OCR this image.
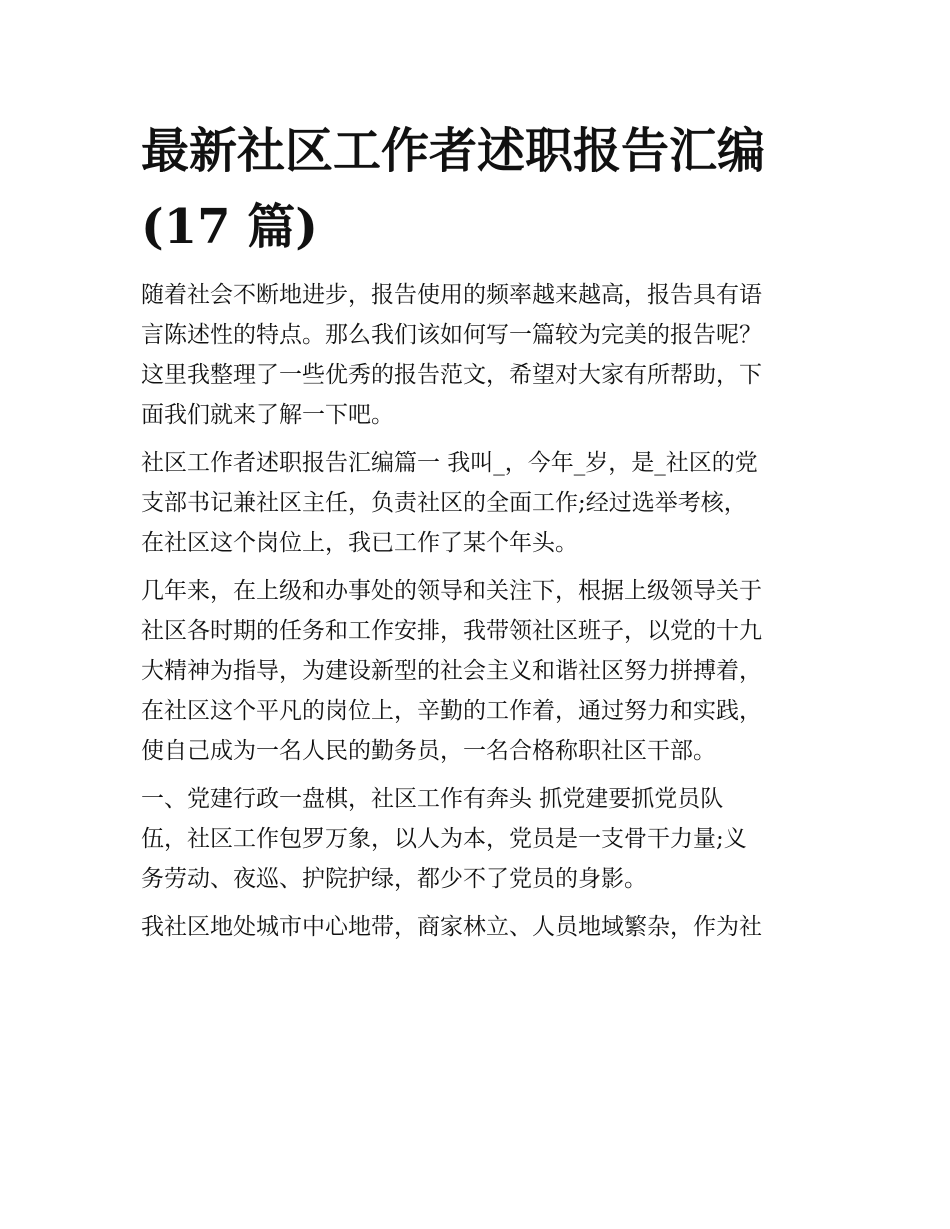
最新社区工作者述职报告汇编
(17 篇)

随着社会不断地进步，报告使用的频率越来越高，报告具有语
言陈述性的特点。那么我们该如何写一篇较为完美的报告呢？
这里我整理了一些优秀的报告范文，希望对大家有所帮助，下
面我们就来了解一下吧。

社区工作者述职报告汇编篇一 我叫_，今年_岁，是_社区的党
支部书记兼社区主任，负责社区的全面工作;经过选举考核，
在社区这个岗位上，我已工作了某个年头。

几年来，在上级和办事处的领导和关注下，根据上级领导关于
社区各时期的任务和工作安排，我带领社区班子，以党的十九
大精神为指导，为建设新型的社会主义和谐社区努力拼搏着，
在社区这个平凡的岗位上，辛勤的工作着，通过努力和实践，
使自己成为一名人民的勤务员，一名合格称职社区干部。

一、党建行政一盘棋，社区工作有奔头 抓党建要抓党员队
伍，社区工作包罗万象，以人为本，党员是一支骨干力量;义
务劳动、夜巡、护院护绿，都少不了党员的身影。

我社区地处城市中心地带，商家林立、人员地域繁杂，作为社
